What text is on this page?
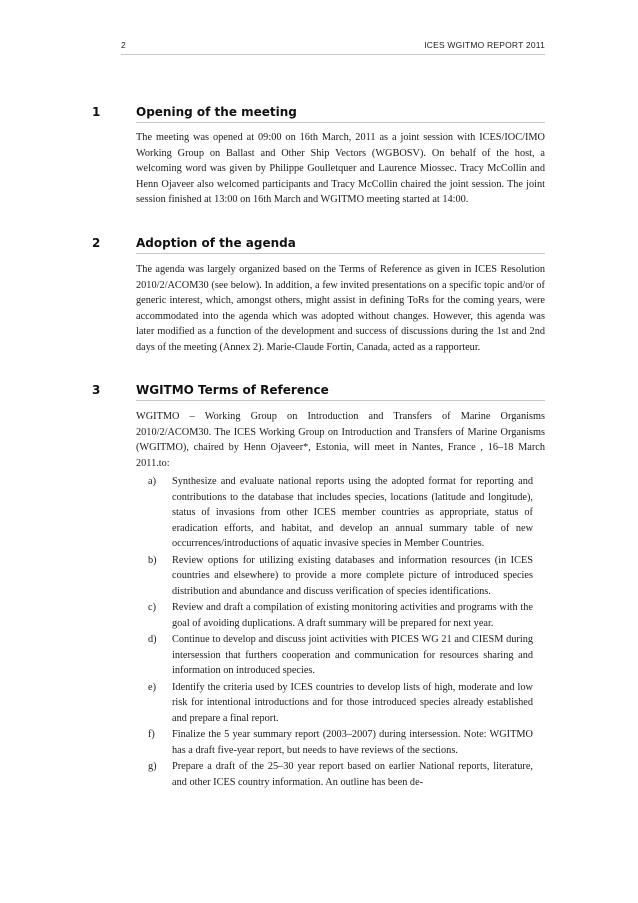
2	ICES WGITMO REPORT 2011
1	Opening of the meeting

The meeting was opened at 09:00 on 16th March, 2011 as a joint session with ICES/IOC/IMO Working Group on Ballast and Other Ship Vectors (WGBOSV). On behalf of the host, a welcoming word was given by Philippe Goulletquer and Laurence Miossec. Tracy McCollin and Henn Ojaveer also welcomed participants and Tracy McCollin chaired the joint session. The joint session finished at 13:00 on 16th March and WGITMO meeting started at 14:00.

2	Adoption of the agenda

The agenda was largely organized based on the Terms of Reference as given in ICES Resolution 2010/2/ACOM30 (see below). In addition, a few invited presentations on a specific topic and/or of generic interest, which, amongst others, might assist in defining ToRs for the coming years, were accommodated into the agenda which was adopted without changes. However, this agenda was later modified as a function of the development and success of discussions during the 1st and 2nd days of the meeting (Annex 2). Marie-Claude Fortin, Canada, acted as a rapporteur.

3	WGITMO Terms of Reference

WGITMO – Working Group on Introduction and Transfers of Marine Organisms 2010/2/ACOM30. The ICES Working Group on Introduction and Transfers of Marine Organisms (WGITMO), chaired by Henn Ojaveer*, Estonia, will meet in Nantes, France , 16–18 March 2011.to:

a) Synthesize and evaluate national reports using the adopted format for reporting and contributions to the database that includes species, locations (latitude and longitude), status of invasions from other ICES member countries as appropriate, status of eradication efforts, and habitat, and develop an annual summary table of new occurrences/introductions of aquatic invasive species in Member Countries.
b) Review options for utilizing existing databases and information resources (in ICES countries and elsewhere) to provide a more complete picture of introduced species distribution and abundance and discuss verification of species identifications.
c) Review and draft a compilation of existing monitoring activities and programs with the goal of avoiding duplications. A draft summary will be prepared for next year.
d) Continue to develop and discuss joint activities with PICES WG 21 and CIESM during intersession that furthers cooperation and communication for resources sharing and information on introduced species.
e) Identify the criteria used by ICES countries to develop lists of high, moderate and low risk for intentional introductions and for those introduced species already established and prepare a final report.
f) Finalize the 5 year summary report (2003–2007) during intersession. Note: WGITMO has a draft five-year report, but needs to have reviews of the sections.
g) Prepare a draft of the 25–30 year report based on earlier National reports, literature, and other ICES country information. An outline has been de-
